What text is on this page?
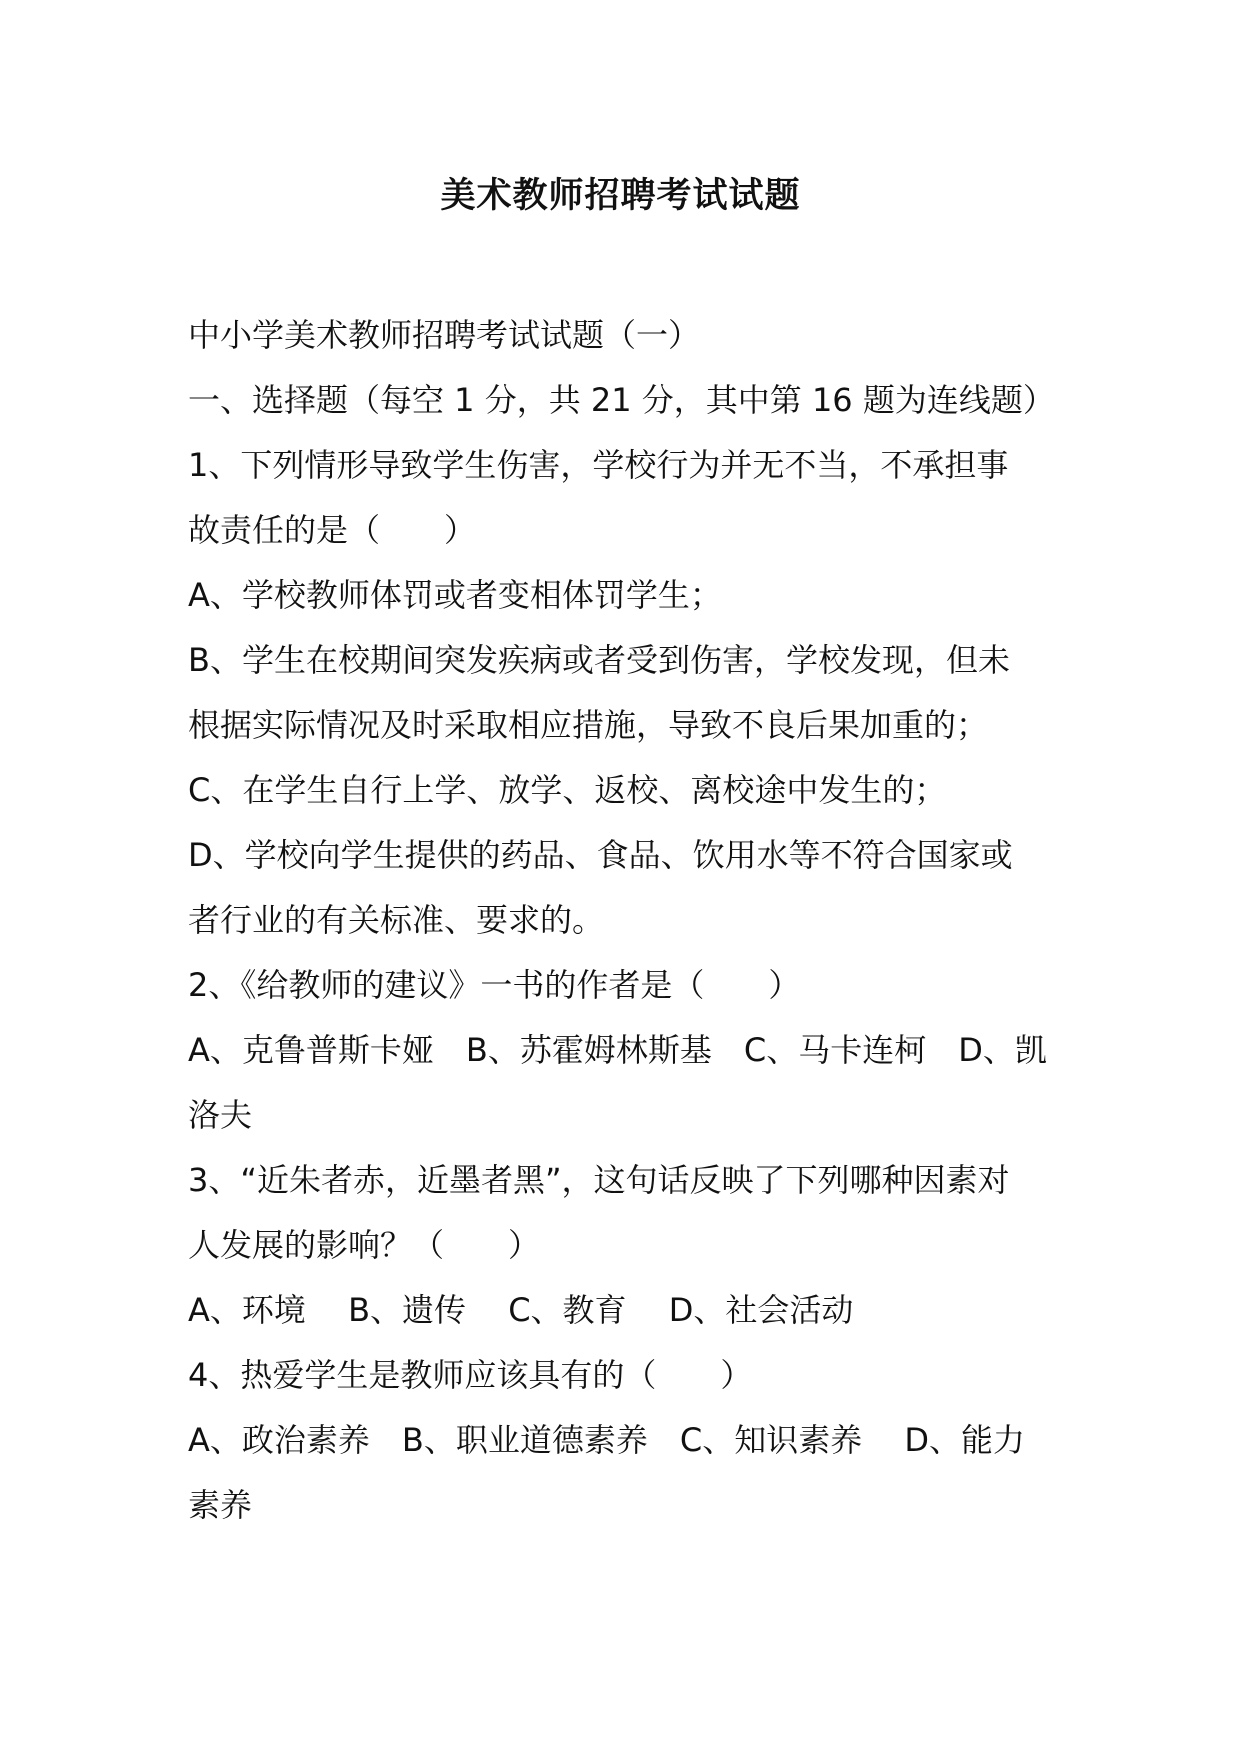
美术教师招聘考试试题
中小学美术教师招聘考试试题（一）
一、选择题（每空 1 分，共 21 分，其中第 16 题为连线题）
1、下列情形导致学生伤害，学校行为并无不当，不承担事
故责任的是（　　）
A、学校教师体罚或者变相体罚学生；
B、学生在校期间突发疾病或者受到伤害，学校发现，但未
根据实际情况及时采取相应措施，导致不良后果加重的；
C、在学生自行上学、放学、返校、离校途中发生的；
D、学校向学生提供的药品、食品、饮用水等不符合国家或
者行业的有关标准、要求的。
2、《给教师的建议》一书的作者是（　　）
A、克鲁普斯卡娅　B、苏霍姆林斯基　C、马卡连柯　D、凯
洛夫
3、“近朱者赤，近墨者黑”，这句话反映了下列哪种因素对
人发展的影响？（　　）
A、环境　 B、遗传　 C、教育　 D、社会活动
4、热爱学生是教师应该具有的（　　）
A、政治素养　B、职业道德素养　C、知识素养　 D、能力
素养
